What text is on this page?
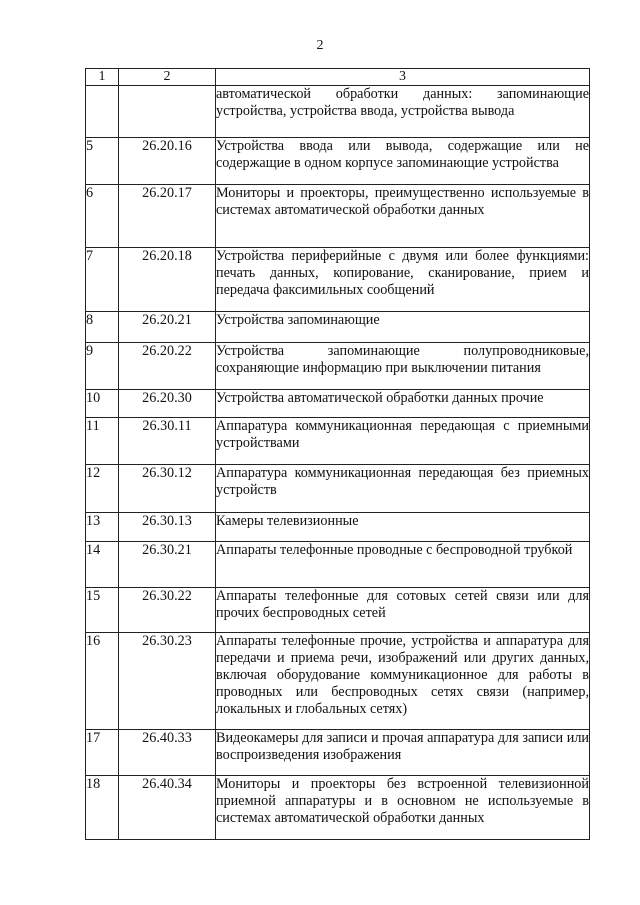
2
1	2	3
		автоматической обработки данных: запоминающие устройства, устройства ввода, устройства вывода
5	26.20.16	Устройства ввода или вывода, содержащие или не содержащие в одном корпусе запоминающие устройства
6	26.20.17	Мониторы и проекторы, преимущественно используемые в системах автоматической обработки данных
7	26.20.18	Устройства периферийные с двумя или более функциями: печать данных, копирование, сканирование, прием и передача факсимильных сообщений
8	26.20.21	Устройства запоминающие
9	26.20.22	Устройства запоминающие полупроводниковые, сохраняющие информацию при выключении питания
10	26.20.30	Устройства автоматической обработки данных прочие
11	26.30.11	Аппаратура коммуникационная передающая с приемными устройствами
12	26.30.12	Аппаратура коммуникационная передающая без приемных устройств
13	26.30.13	Камеры телевизионные
14	26.30.21	Аппараты телефонные проводные с беспроводной трубкой
15	26.30.22	Аппараты телефонные для сотовых сетей связи или для прочих беспроводных сетей
16	26.30.23	Аппараты телефонные прочие, устройства и аппаратура для передачи и приема речи, изображений или других данных, включая оборудование коммуникационное для работы в проводных или беспроводных сетях связи (например, локальных и глобальных сетях)
17	26.40.33	Видеокамеры для записи и прочая аппаратура для записи или воспроизведения изображения
18	26.40.34	Мониторы и проекторы без встроенной телевизионной приемной аппаратуры и в основном не используемые в системах автоматической обработки данных
